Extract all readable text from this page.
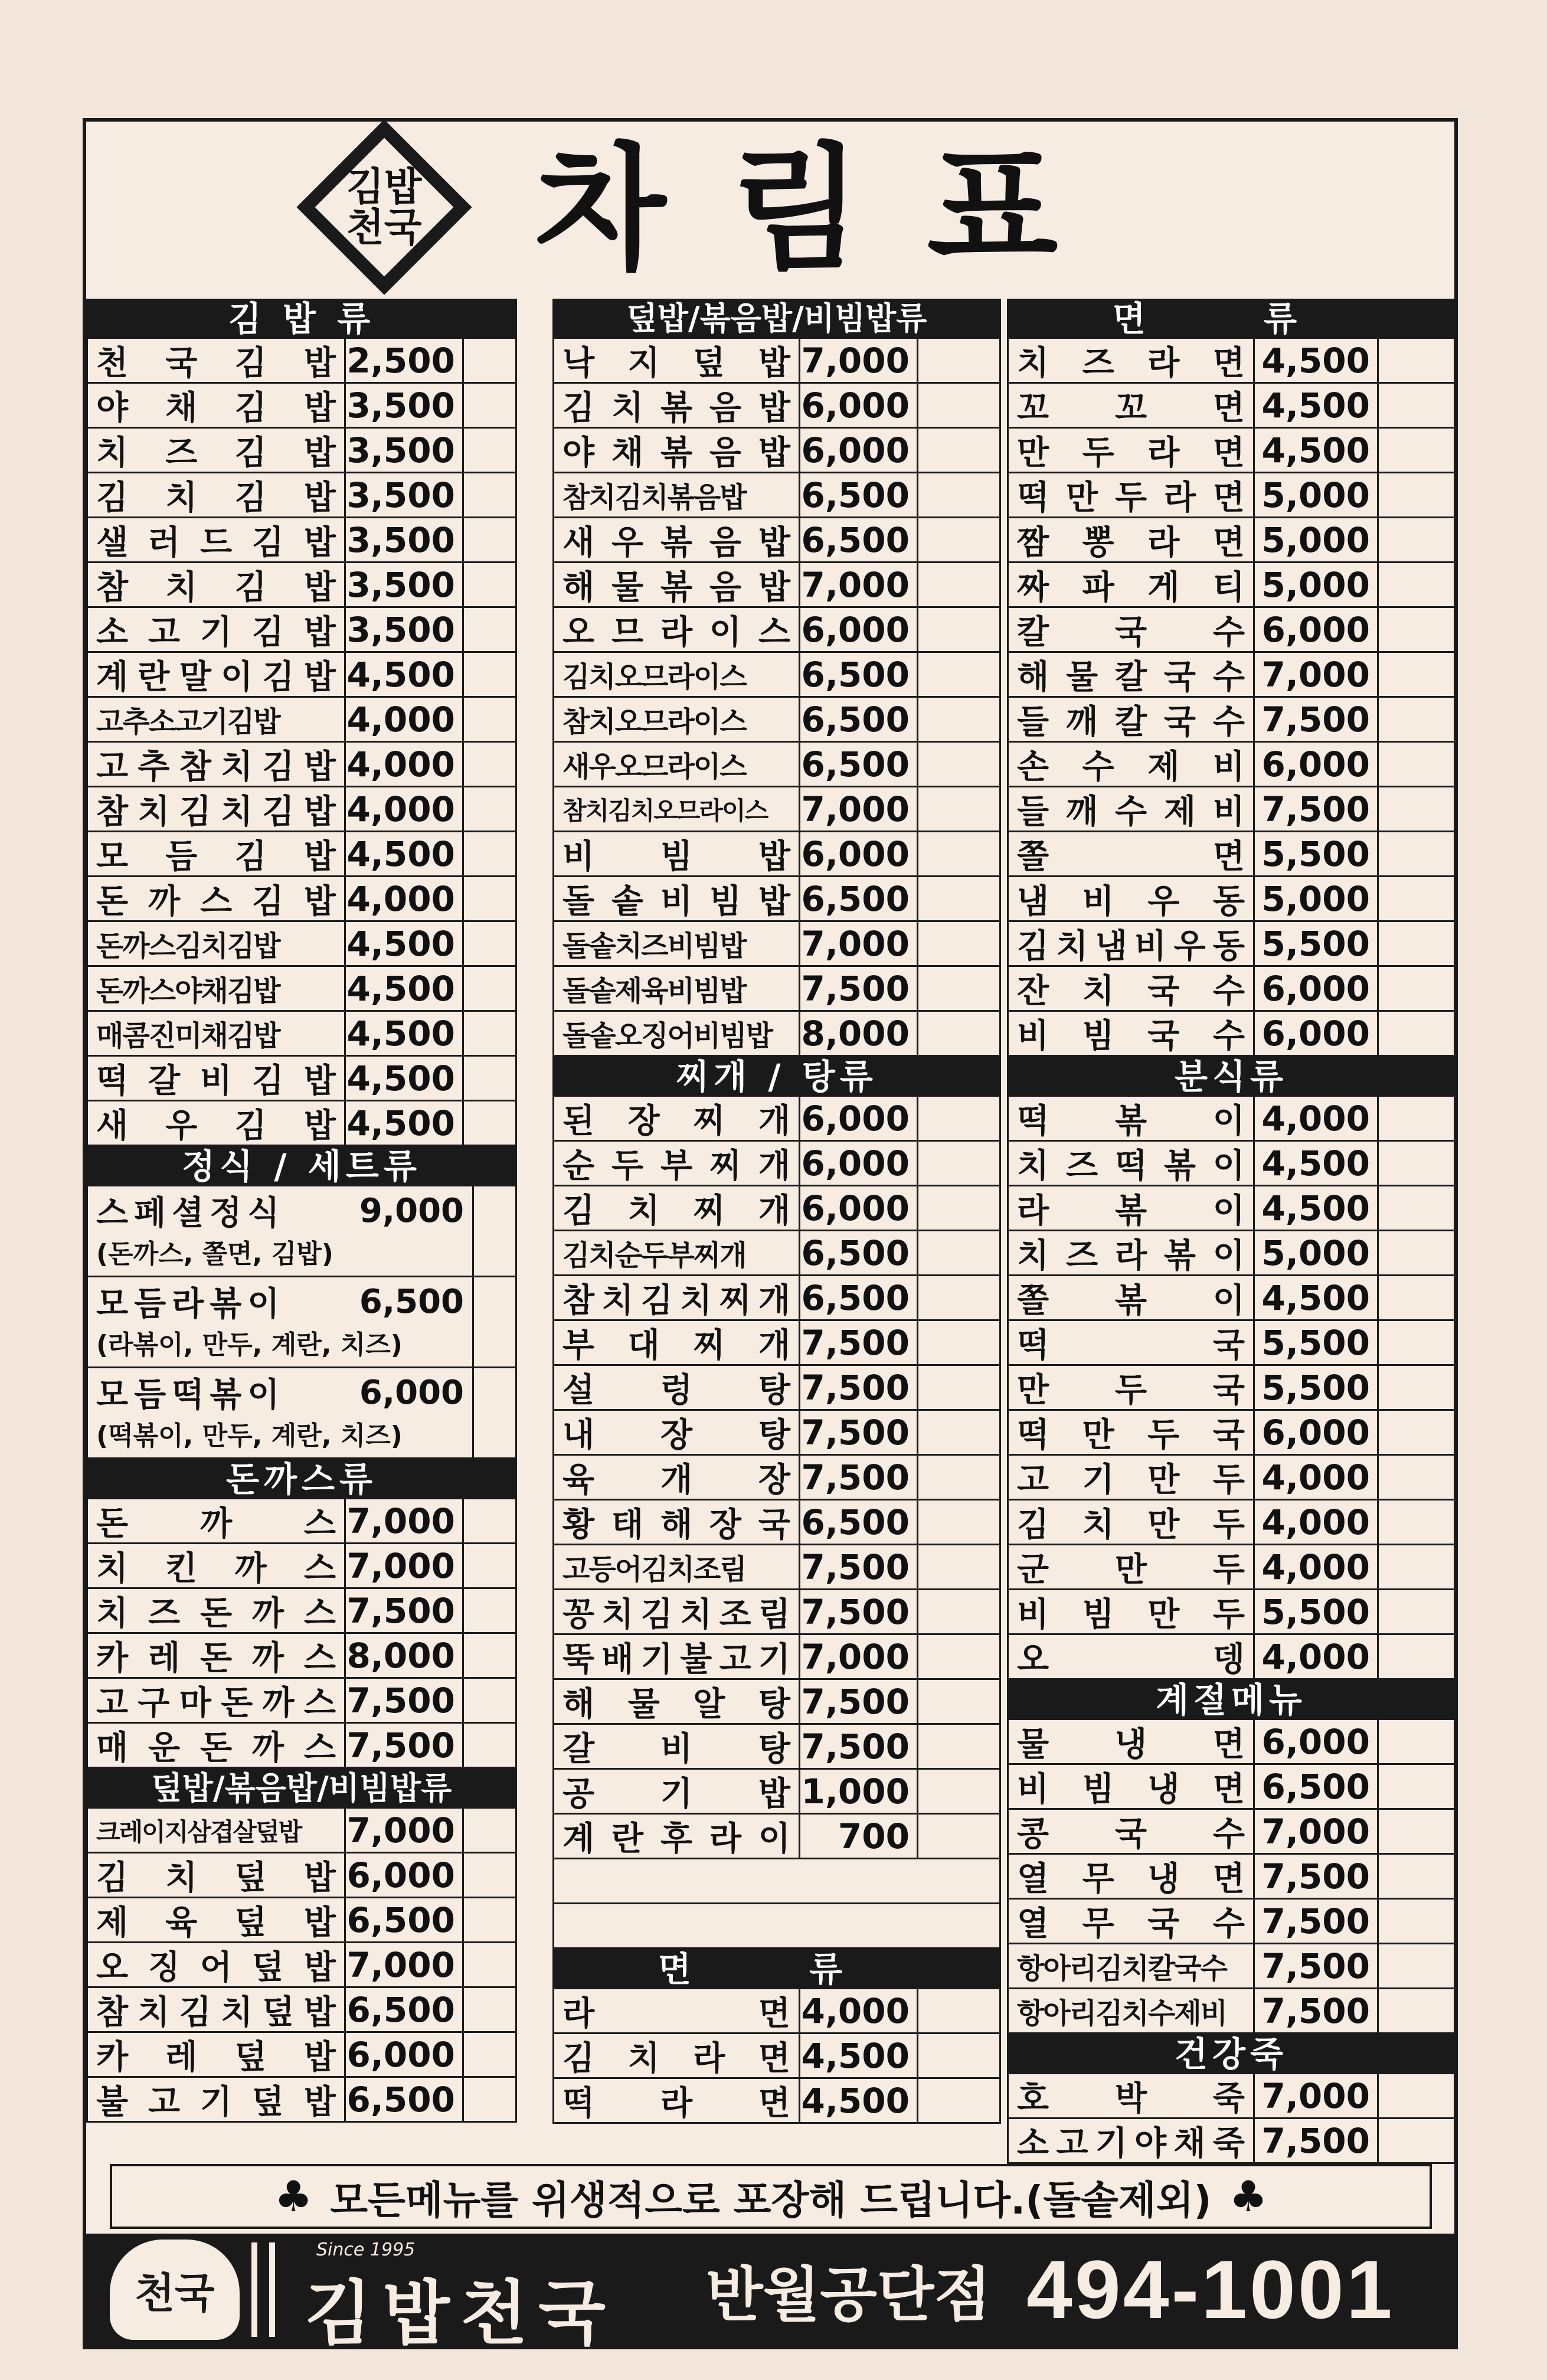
김밥천국 차림표
김 밥 류
천 국 김 밥 2,500
야 채 김 밥 3,500
치 즈 김 밥 3,500
김 치 김 밥 3,500
샐 러 드 김 밥 3,500
참 치 김 밥 3,500
소 고 기 김 밥 3,500
계 란 말 이 김 밥 4,500
고추소고기김밥	4,000
고 추 참 치 김 밥 4,000
참 치 김 치 김 밥 4,000
모 듬 김 밥 4,500
돈 까 스 김 밥 4,000
돈까스김치김밥	4,500
돈까스야채김밥	4,500
매콤진미채김밥	4,500
떡 갈 비 김 밥 4,500
새 우 김 밥 4,500
정식 / 세트류
스페셜정식 9,000
(돈까스, 쫄면, 김밥)
모듬라볶이 6,500
(라볶이, 만두, 계란, 치즈)
모듬떡볶이 6,000
(떡볶이, 만두, 계란, 치즈)
돈까스류
돈 까 스 7,000
치 킨 까 스 7,000
치 즈 돈 까 스 7,500
카 레 돈 까 스 8,000
고 구 마 돈 까 스 7,500
매 운 돈 까 스 7,500
덮밥/볶음밥/비빔밥류
크레이지삼겹살덮밥	7,000
김 치 덮 밥 6,000
제 육 덮 밥 6,500
오 징 어 덮 밥 7,000
참 치 김 치 덮 밥 6,500
카 레 덮 밥 6,000
불 고 기 덮 밥 6,500
덮밥/볶음밥/비빔밥류
낙 지 덮 밥 7,000
김 치 볶 음 밥 6,000
야 채 볶 음 밥 6,000
참치김치볶음밥	6,500
새 우 볶 음 밥 6,500
해 물 볶 음 밥 7,000
오 므 라 이 스 6,000
김치오므라이스	6,500
참치오므라이스	6,500
새우오므라이스	6,500
참치김치오므라이스 7,000
비 빔 밥 6,000
돌 솥 비 빔 밥 6,500
돌솥치즈비빔밥	7,000
돌솥제육비빔밥	7,500
돌솥오징어비빔밥 8,000
찌개 / 탕류
된 장 찌 개 6,000
순 두 부 찌 개 6,000
김 치 찌 개 6,000
김치순두부찌개	6,500
참 치 김 치 찌 개 6,500
부 대 찌 개 7,500
설 렁 탕 7,500
내 장 탕 7,500
육 개 장 7,500
황 태 해 장 국 6,500
고등어김치조림	7,500
꽁 치 김 치 조 림 7,500
뚝 배 기 불 고 기 7,000
해 물 알 탕 7,500
갈 비 탕 7,500
공 기 밥 1,000
계 란 후 라 이	700
면 류
라	면 4,000
김 치 라 면 4,500
떡 라 면 4,500
면 류
치 즈 라 면 4,500
꼬 꼬 면 4,500
만 두 라 면 4,500
떡 만 두 라 면 5,000
짬 뽕 라 면 5,000
짜 파 게 티 5,000
칼 국 수 6,000
해 물 칼 국 수 7,000
들 깨 칼 국 수 7,500
손 수 제 비 6,000
들 깨 수 제 비 7,500
쫄	면 5,500
냄 비 우 동 5,000
김 치 냄 비 우 동 5,500
잔 치 국 수 6,000
비 빔 국 수 6,000
분식류
떡 볶 이 4,000
치 즈 떡 볶 이 4,500
라 볶 이 4,500
치 즈 라 볶 이 5,000
쫄 볶 이 4,500
떡	국 5,500
만 두 국 5,500
떡 만 두 국 6,000
고 기 만 두 4,000
김 치 만 두 4,000
군 만 두 4,000
비 빔 만 두 5,500
오	뎅 4,000
계절메뉴
물 냉 면 6,000
비 빔 냉 면 6,500
콩 국 수 7,000
열 무 냉 면 7,500
열 무 국 수 7,500
항아리김치칼국수	7,500
항아리김치수제비	7,500
건강죽
호 박 죽 7,000
소 고 기 야 채 죽 7,500
♣ 모든메뉴를 위생적으로 포장해 드립니다.(돌솥제외) ♣
천국
Since 1995
김밥천국 반월공단점 494-1001
